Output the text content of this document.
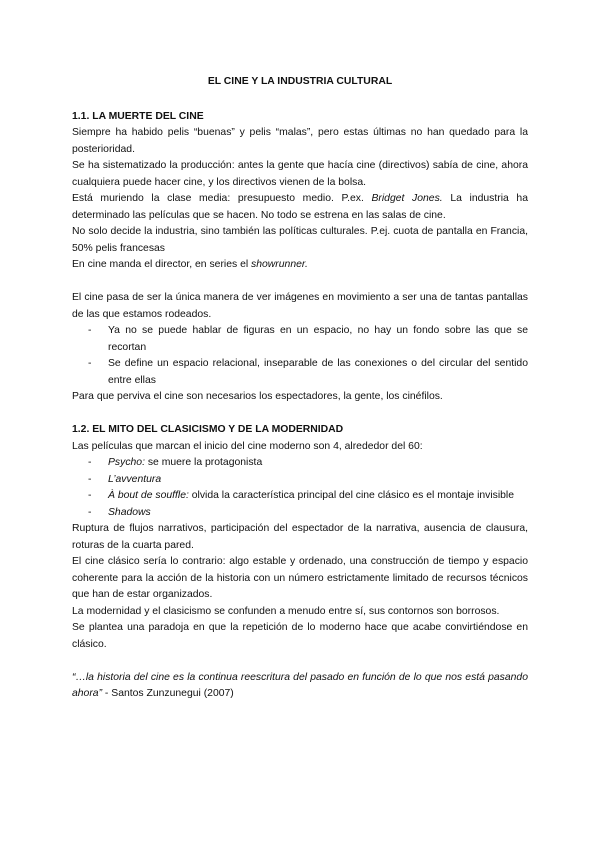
EL CINE Y LA INDUSTRIA CULTURAL
1.1. LA MUERTE DEL CINE

Siempre ha habido pelis “buenas” y pelis “malas”, pero estas últimas no han quedado para la posterioridad.

Se ha sistematizado la producción: antes la gente que hacía cine (directivos) sabía de cine, ahora cualquiera puede hacer cine, y los directivos vienen de la bolsa.

Está muriendo la clase media: presupuesto medio. P.ex. Bridget Jones. La industria ha determinado las películas que se hacen. No todo se estrena en las salas de cine.

No solo decide la industria, sino también las políticas culturales. P.ej. cuota de pantalla en Francia, 50% pelis francesas

En cine manda el director, en series el showrunner.

El cine pasa de ser la única manera de ver imágenes en movimiento a ser una de tantas pantallas de las que estamos rodeados.

- Ya no se puede hablar de figuras en un espacio, no hay un fondo sobre las que se recortan
- Se define un espacio relacional, inseparable de las conexiones o del circular del sentido entre ellas

Para que perviva el cine son necesarios los espectadores, la gente, los cinéfilos.

1.2. EL MITO DEL CLASICISMO Y DE LA MODERNIDAD

Las películas que marcan el inicio del cine moderno son 4, alrededor del 60:

- Psycho: se muere la protagonista
- L’avventura
- À bout de souffle: olvida la característica principal del cine clásico es el montaje invisible
- Shadows

Ruptura de flujos narrativos, participación del espectador de la narrativa, ausencia de clausura, roturas de la cuarta pared.

El cine clásico sería lo contrario: algo estable y ordenado, una construcción de tiempo y espacio coherente para la acción de la historia con un número estrictamente limitado de recursos técnicos que han de estar organizados.

La modernidad y el clasicismo se confunden a menudo entre sí, sus contornos son borrosos.

Se plantea una paradoja en que la repetición de lo moderno hace que acabe convirtiéndose en clásico.

“…la historia del cine es la continua reescritura del pasado en función de lo que nos está pasando ahora” - Santos Zunzunegui (2007)
